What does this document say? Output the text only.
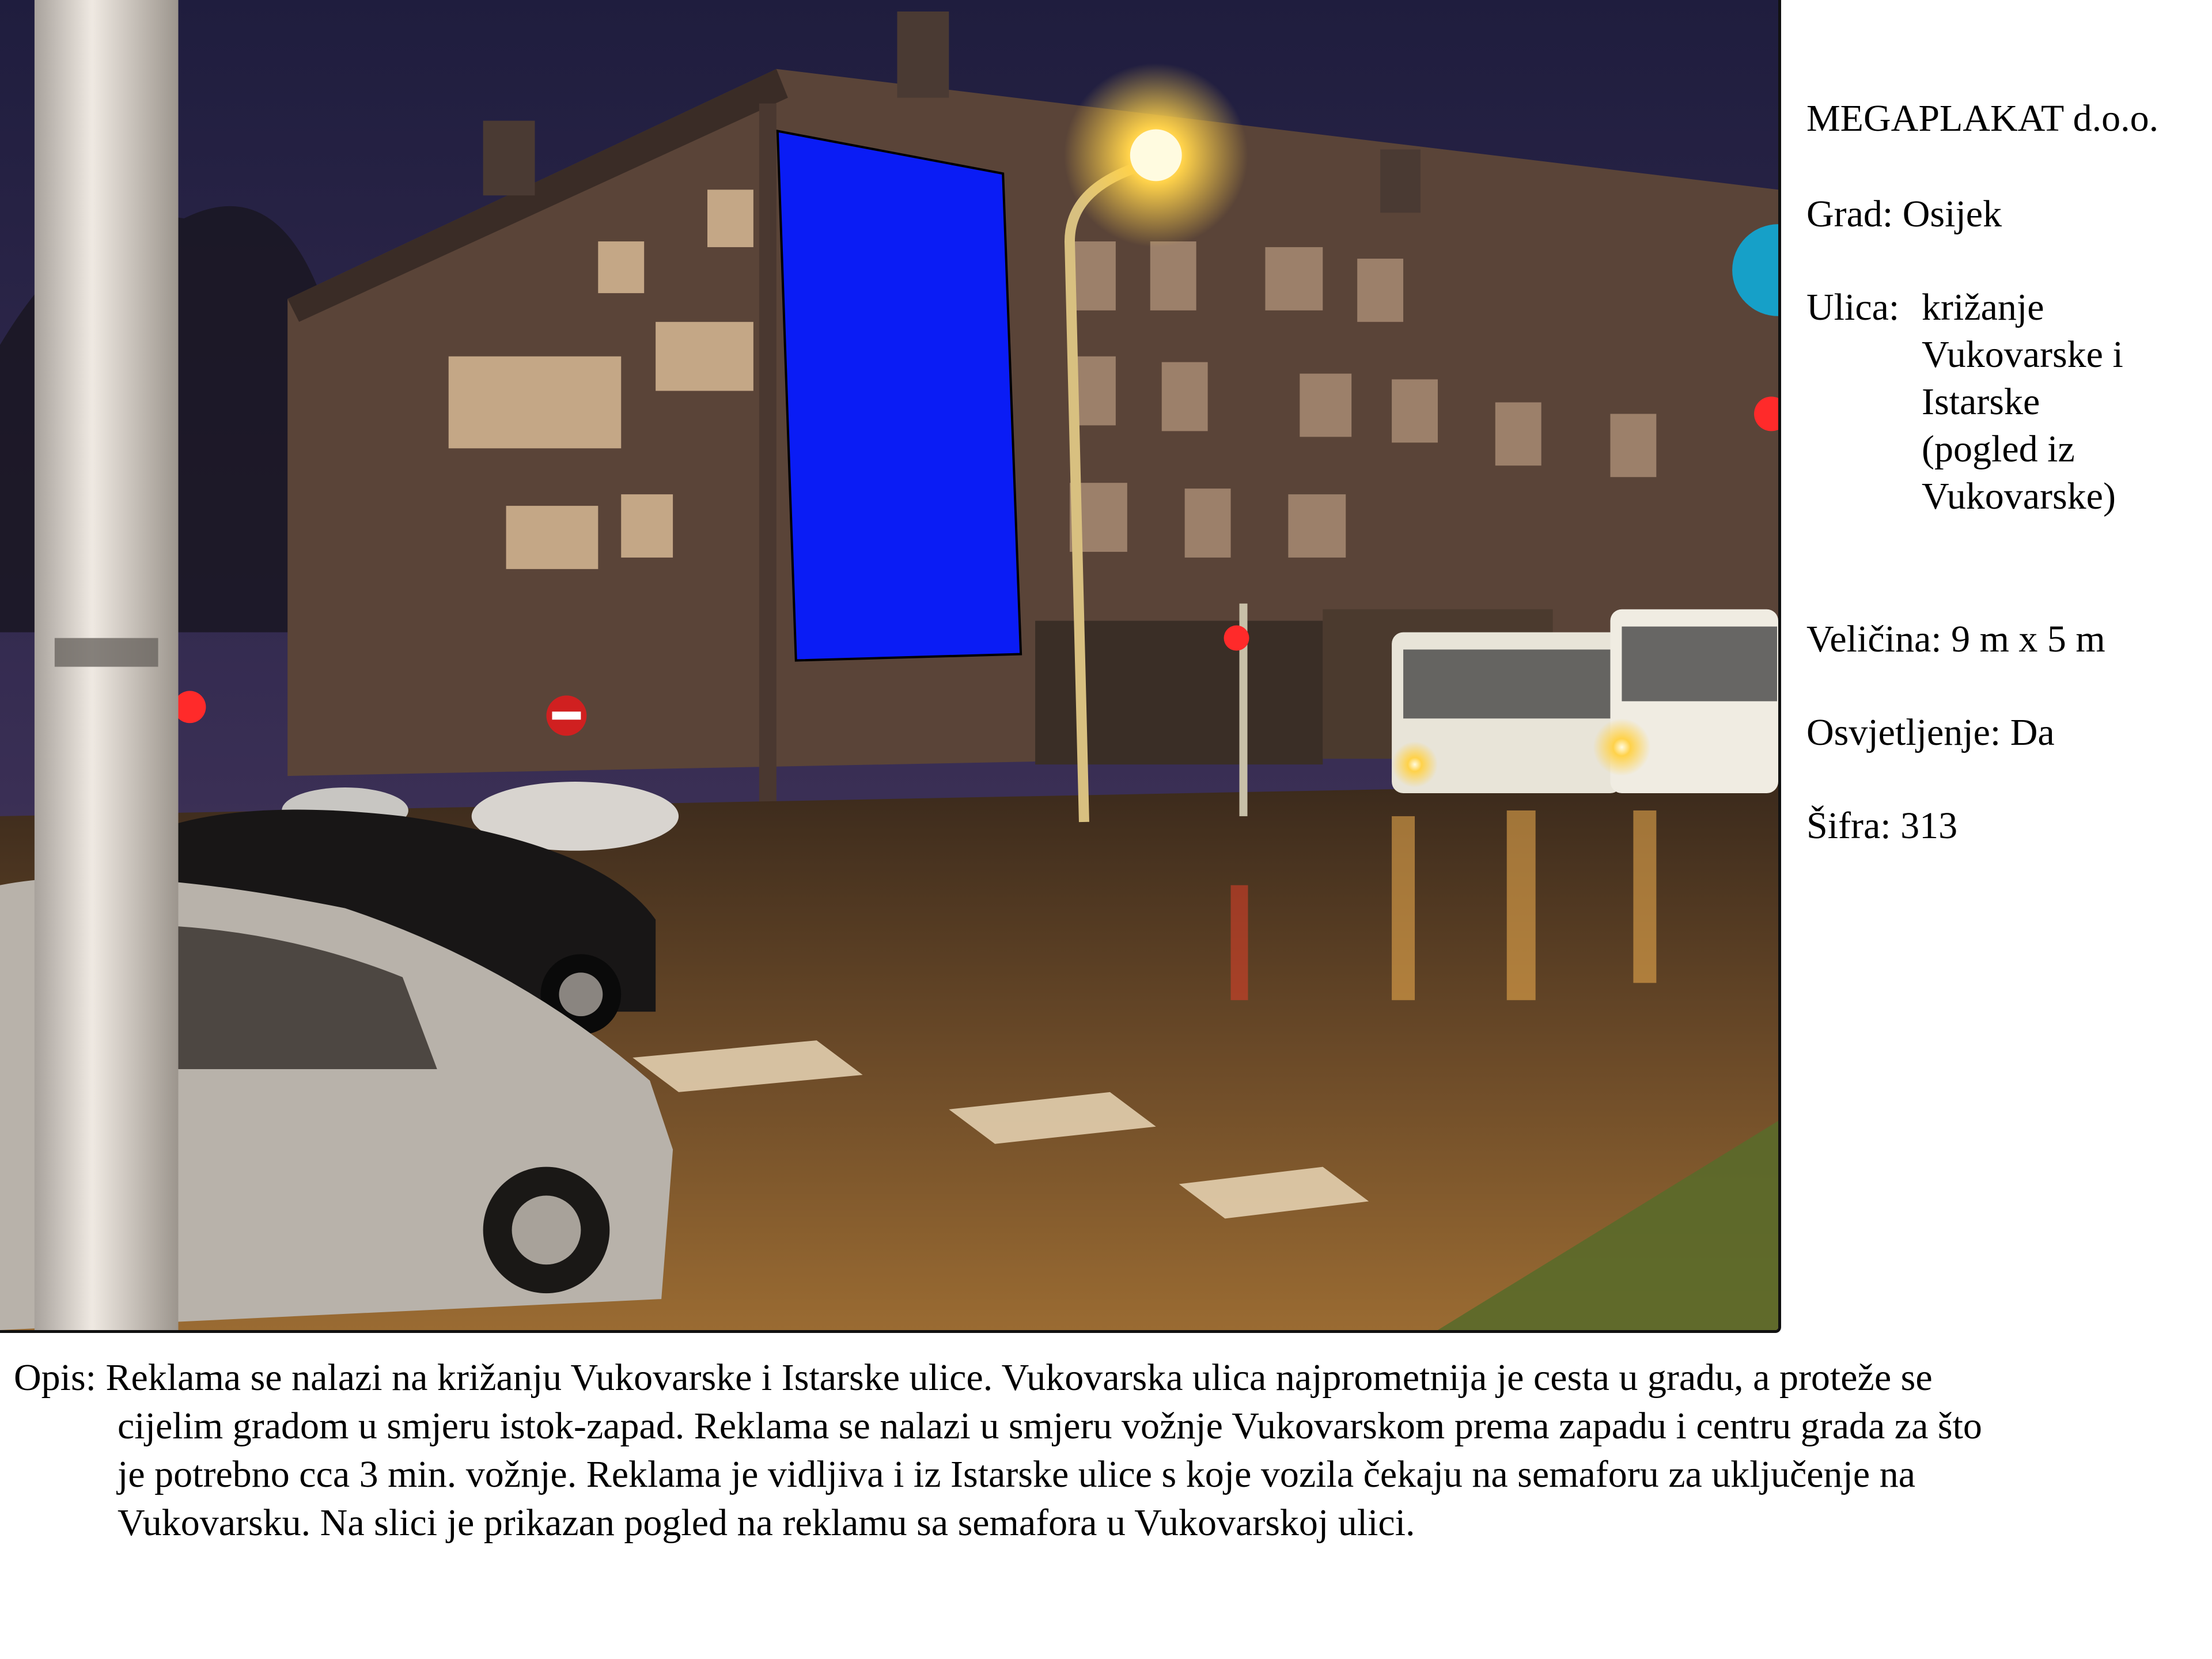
MEGAPLAKAT d.o.o.
Grad: Osijek
Ulica: križanje
Vukovarske i
Istarske
(pogled iz
Vukovarske)
Veličina: 9 m x 5 m
Osvjetljenje: Da
Šifra: 313
Opis: Reklama se nalazi na križanju Vukovarske i Istarske ulice. Vukovarska ulica najprometnija je cesta u gradu, a proteže se
cijelim gradom u smjeru istok-zapad. Reklama se nalazi u smjeru vožnje Vukovarskom prema zapadu i centru grada za što
je potrebno cca 3 min. vožnje. Reklama je vidljiva i iz Istarske ulice s koje vozila čekaju na semaforu za uključenje na
Vukovarsku. Na slici je prikazan pogled na reklamu sa semafora u Vukovarskoj ulici.
